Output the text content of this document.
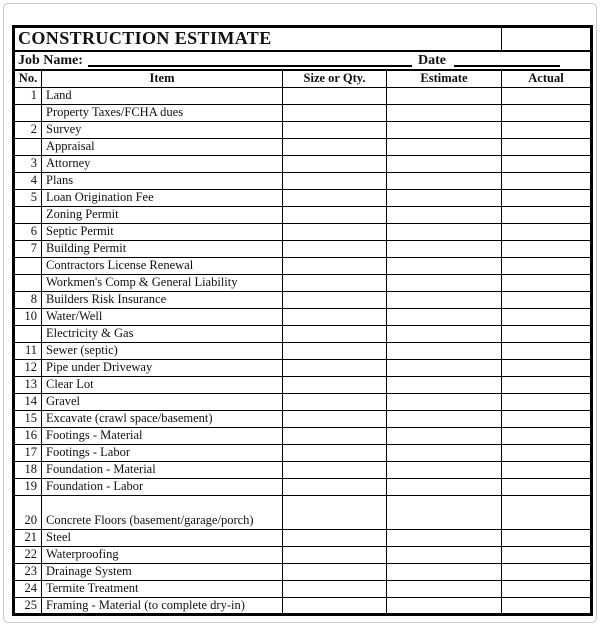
CONSTRUCTION ESTIMATE				

Job Name: Date				

No.	Item	Size or Qty.	Estimate	Actual
1	Land			
	Property Taxes/FCHA dues			
2	Survey			
	Appraisal			
3	Attorney			
4	Plans			
5	Loan Origination Fee			
	Zoning Permit			
6	Septic Permit			
7	Building Permit			
	Contractors License Renewal			
	Workmen's Comp & General Liability			
8	Builders Risk Insurance			
10	Water/Well			
	Electricity & Gas			
11	Sewer (septic)			
12	Pipe under Driveway			
13	Clear Lot			
14	Gravel			
15	Excavate (crawl space/basement)			
16	Footings - Material			
17	Footings - Labor			
18	Foundation - Material			
19	Foundation - Labor			
20	Concrete Floors (basement/garage/porch)			
21	Steel			
22	Waterproofing			
23	Drainage System			
24	Termite Treatment			
25	Framing - Material (to complete dry-in)			
